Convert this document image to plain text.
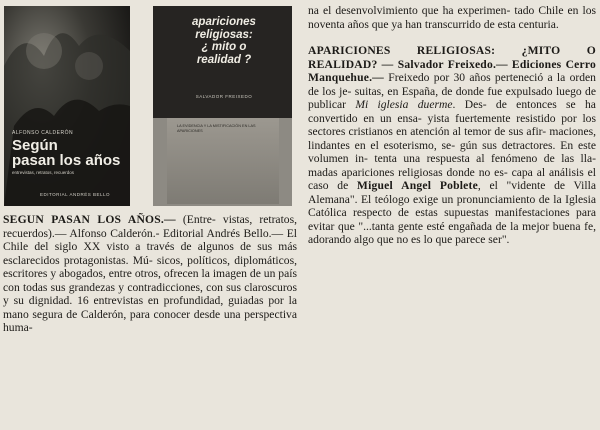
ALFONSO CALDERÓN
Según
pasan los años
entrevistas, retratos, recuerdos
EDITORIAL ANDRÉS BELLO
apariciones
religiosas:
¿ mito o
realidad ?
SALVADOR FREIXEDO
LA EVIDENCIA Y LA MISTIFICACIÓN EN LAS APARICIONES

SEGUN PASAN LOS AÑOS.— (Entre- vistas, retratos, recuerdos).— Alfonso Calderón.- Editorial Andrés Bello.— El Chile del siglo XX visto a través de algunos de sus más esclarecidos protagonistas. Mú- sicos, políticos, diplomáticos, escritores y abogados, entre otros, ofrecen la imagen de un país con todas sus grandezas y contradicciones, con sus claroscuros y su dignidad. 16 entrevistas en profundidad, guiadas por la mano segura de Calderón, para conocer desde una perspectiva huma-

na el desenvolvimiento que ha experimen- tado Chile en los noventa años que ya han transcurrido de esta centuria.

APARICIONES RELIGIOSAS: ¿MITO O REALIDAD? — Salvador Freixedo.— Ediciones Cerro Manquehue.— Freixedo por 30 años perteneció a la orden de los je- suitas, en España, de donde fue expulsado luego de publicar Mi iglesia duerme. Des- de entonces se ha convertido en un ensa- yista fuertemente resistido por los sectores cristianos en atención al temor de sus afir- maciones, lindantes en el esoterismo, se- gún sus detractores. En este volumen in- tenta una respuesta al fenómeno de las lla- madas apariciones religiosas donde no es- capa al análisis el caso de Miguel Angel Poblete, el "vidente de Villa Alemana". El teólogo exige un pronunciamiento de la Iglesia Católica respecto de estas supuestas manifestaciones para evitar que "...tanta gente esté engañada de la mejor buena fe, adorando algo que no es lo que parece ser".
